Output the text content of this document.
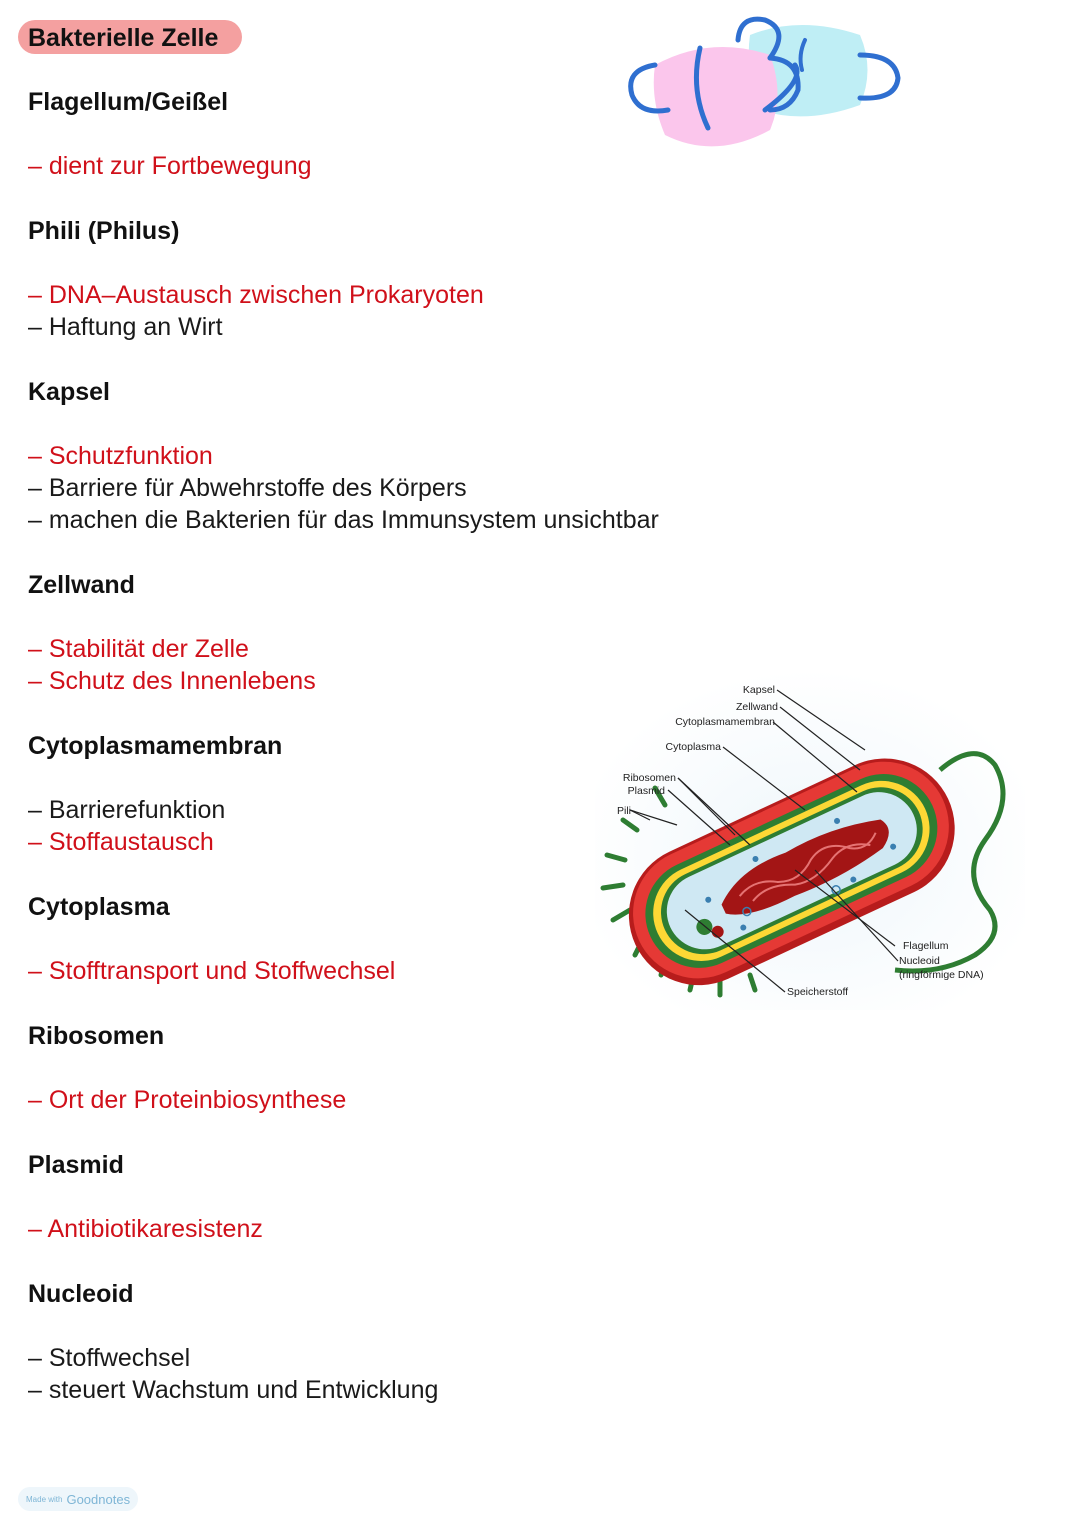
Bakterielle Zelle
Flagellum/Geißel
– dient zur Fortbewegung
Phili (Philus)
– DNA–Austausch zwischen Prokaryoten
– Haftung an Wirt
Kapsel
– Schutzfunktion
– Barriere für Abwehrstoffe des Körpers
– machen die Bakterien für das Immunsystem unsichtbar
Zellwand
– Stabilität der Zelle
– Schutz des Innenlebens
Cytoplasmamembran
– Barrierefunktion
– Stoffaustausch
Cytoplasma
– Stofftransport und Stoffwechsel
Ribosomen
– Ort der Proteinbiosynthese
Plasmid
– Antibiotikaresistenz
Nucleoid
– Stoffwechsel
– steuert Wachstum und Entwicklung
Kapsel
Zellwand
Cytoplasmamembran
Cytoplasma
Ribosomen
Plasmid
Pili
Flagellum
Nucleoid
(ringförmige DNA)
Speicherstoff
Made with Goodnotes
